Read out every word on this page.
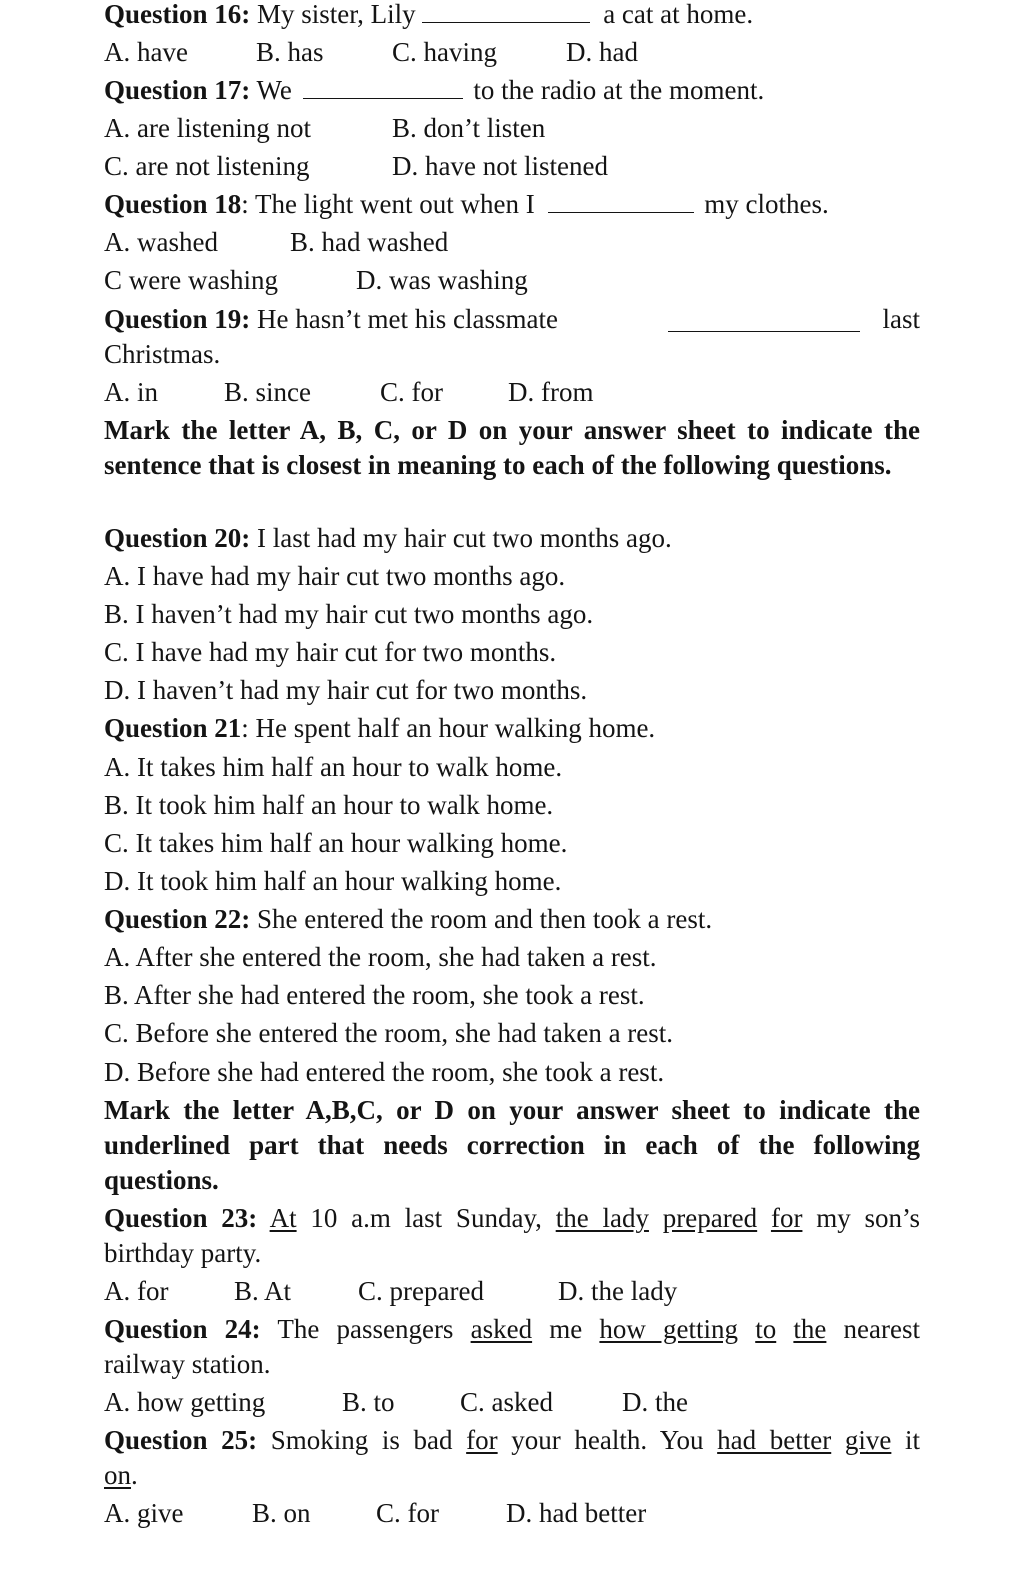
Question 16: My sister, Lily	a cat at home.
A. have	B. has	C. having	D. had
Question 17: We	to the radio at the moment.
A. are listening not	B. don’t listen
C. are not listening	D. have not listened
Question 18: The light went out when I	my clothes.
A. washed	B. had washed
C were washing	D. was washing
Question 19: He hasn’t met his classmate	last
Christmas.
A. in B. since	C. for D. from
Mark the letter A, B, C, or D on your answer sheet to indicate the sentence that is closest in meaning to each of the following questions.
Question 20: I last had my hair cut two months ago.
A. I have had my hair cut two months ago.
B. I haven’t had my hair cut two months ago.
C. I have had my hair cut for two months.
D. I haven’t had my hair cut for two months.
Question 21: He spent half an hour walking home.
A. It takes him half an hour to walk home.
B. It took him half an hour to walk home.
C. It takes him half an hour walking home.
D. It took him half an hour walking home.
Question 22: She entered the room and then took a rest.
A. After she entered the room, she had taken a rest.
B. After she had entered the room, she took a rest.
C. Before she entered the room, she had taken a rest.
D. Before she had entered the room, she took a rest.
Mark the letter A,B,C, or D on your answer sheet to indicate the underlined part that needs correction in each of the following questions.
Question 23: At 10 a.m last Sunday, the lady prepared for my son’s
birthday party.
A. for B. At C. prepared	D. the lady
Question 24: The passengers asked me how getting to the nearest
railway station.
A. how getting	B. to C. asked	D. the
Question 25: Smoking is bad for your health. You had better give it
on.
A. give	B. on C. for D. had better
